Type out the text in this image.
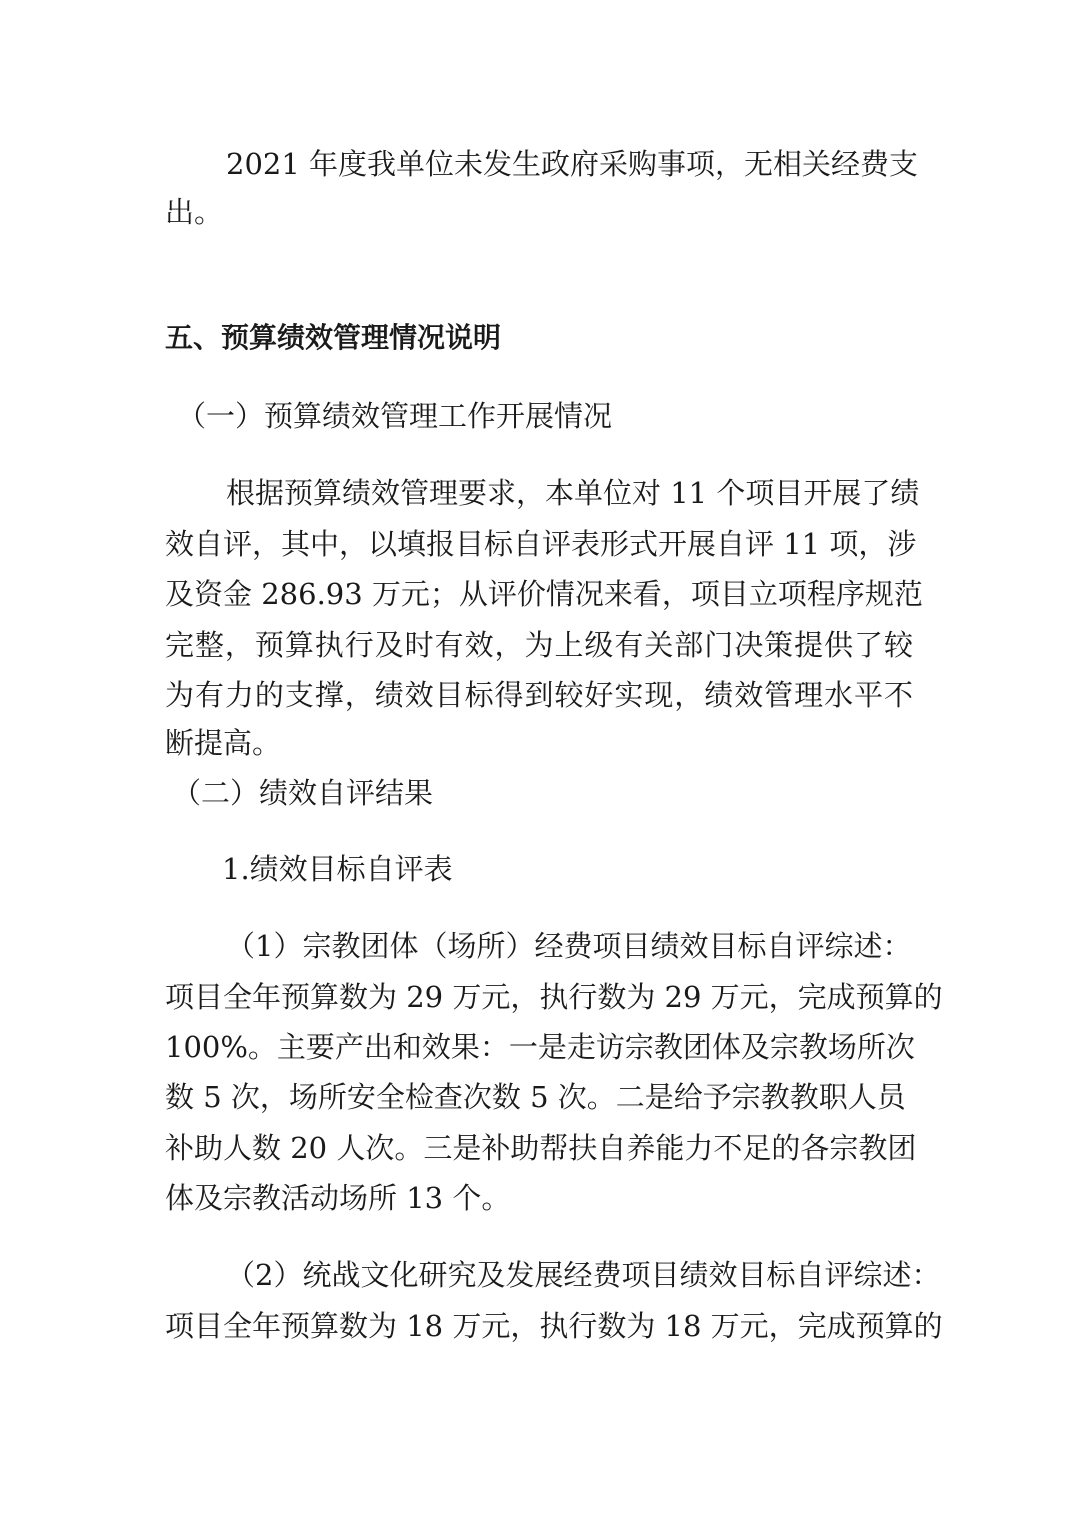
2021 年度我单位未发生政府采购事项，无相关经费支
出。
五、预算绩效管理情况说明
（一）预算绩效管理工作开展情况
根据预算绩效管理要求，本单位对 11 个项目开展了绩
效自评，其中，以填报目标自评表形式开展自评 11 项，涉
及资金 286.93 万元；从评价情况来看，项目立项程序规范
完整，预算执行及时有效，为上级有关部门决策提供了较
为有力的支撑，绩效目标得到较好实现，绩效管理水平不
断提高。
（二）绩效自评结果
1.绩效目标自评表
（1）宗教团体（场所）经费项目绩效目标自评综述：
项目全年预算数为 29 万元，执行数为 29 万元，完成预算的
100%。主要产出和效果：一是走访宗教团体及宗教场所次
数 5 次，场所安全检查次数 5 次。二是给予宗教教职人员
补助人数 20 人次。三是补助帮扶自养能力不足的各宗教团
体及宗教活动场所 13 个。
（2）统战文化研究及发展经费项目绩效目标自评综述：
项目全年预算数为 18 万元，执行数为 18 万元，完成预算的
